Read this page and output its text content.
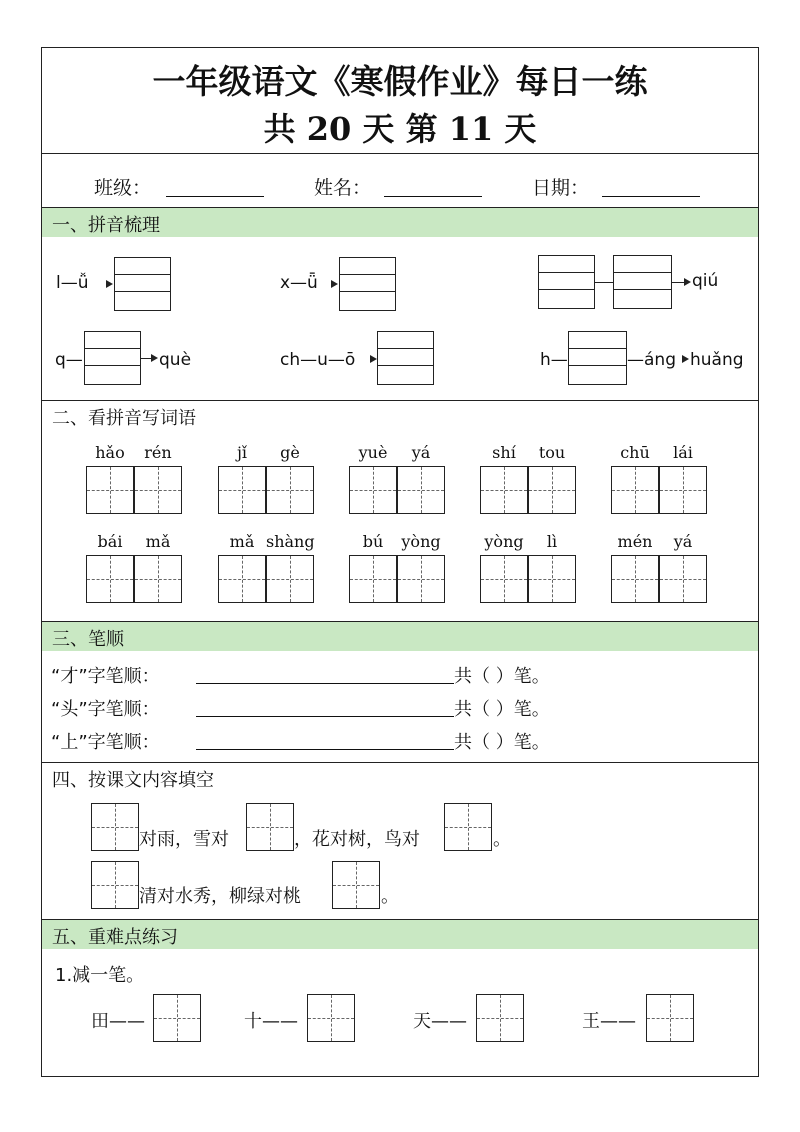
一年级语文《寒假作业》每日一练
共 20 天 第 11 天
班级：	姓名：	日期：
一、拼音梳理
l—ǚ	x—ǖ	qiú
q—	què	ch—u—ō	h—	—áng huǎng
二、看拼音写词语
hǎo	rén	jǐ	gè	yuè	yá	shí	tou	chū	lái
bái	mǎ	mǎ shàng	bú	yòng	yòng	lì	mén	yá
三、笔顺
“才”字笔顺：	共（ ）笔。
“头”字笔顺：	共（ ）笔。
“上”字笔顺：	共（ ）笔。
四、按课文内容填空
对雨，雪对	，花对树，鸟对	。
清对水秀，柳绿对桃	。
五、重难点练习
1.减一笔。
田——	十——	天——	王——
